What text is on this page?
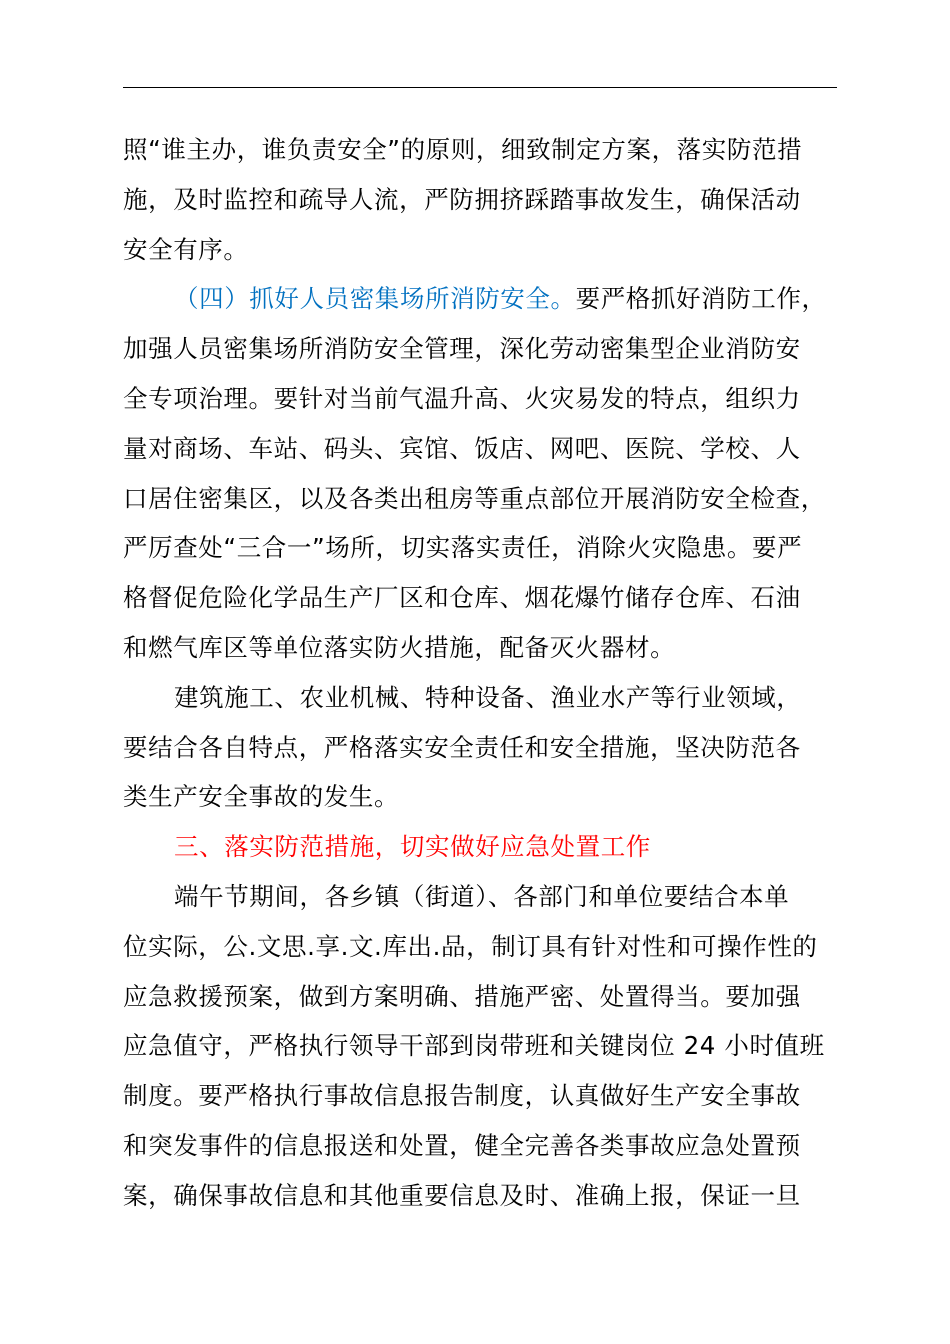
照“谁主办，谁负责安全”的原则，细致制定方案，落实防范措
施，及时监控和疏导人流，严防拥挤踩踏事故发生，确保活动
安全有序。

（四）抓好人员密集场所消防安全。要严格抓好消防工作，
加强人员密集场所消防安全管理，深化劳动密集型企业消防安
全专项治理。要针对当前气温升高、火灾易发的特点，组织力
量对商场、车站、码头、宾馆、饭店、网吧、医院、学校、人
口居住密集区，以及各类出租房等重点部位开展消防安全检查，
严厉查处“三合一”场所，切实落实责任，消除火灾隐患。要严
格督促危险化学品生产厂区和仓库、烟花爆竹储存仓库、石油
和燃气库区等单位落实防火措施，配备灭火器材。

建筑施工、农业机械、特种设备、渔业水产等行业领域，
要结合各自特点，严格落实安全责任和安全措施，坚决防范各
类生产安全事故的发生。

三、落实防范措施，切实做好应急处置工作

端午节期间，各乡镇（街道）、各部门和单位要结合本单
位实际，公.文思.享.文.库出.品，制订具有针对性和可操作性的
应急救援预案，做到方案明确、措施严密、处置得当。要加强
应急值守，严格执行领导干部到岗带班和关键岗位 24 小时值班
制度。要严格执行事故信息报告制度，认真做好生产安全事故
和突发事件的信息报送和处置，健全完善各类事故应急处置预
案，确保事故信息和其他重要信息及时、准确上报，保证一旦
